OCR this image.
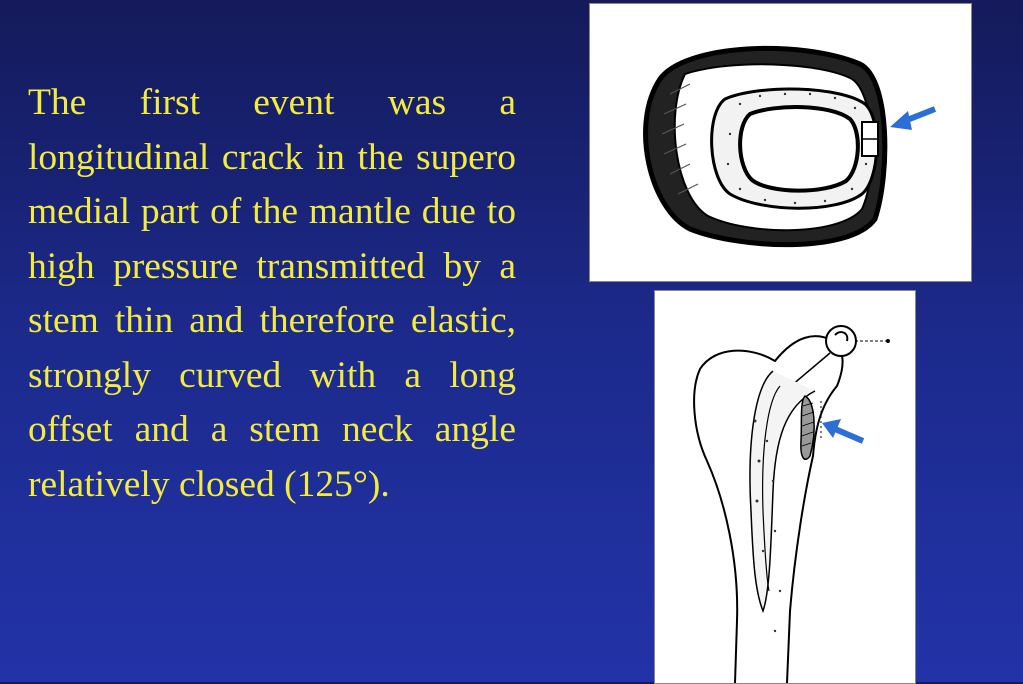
The first event was a longitudinal crack in the supero medial part of the mantle due to high pressure transmitted by a stem thin and therefore elastic, strongly curved with a long offset and a stem neck angle relatively closed (125°).
